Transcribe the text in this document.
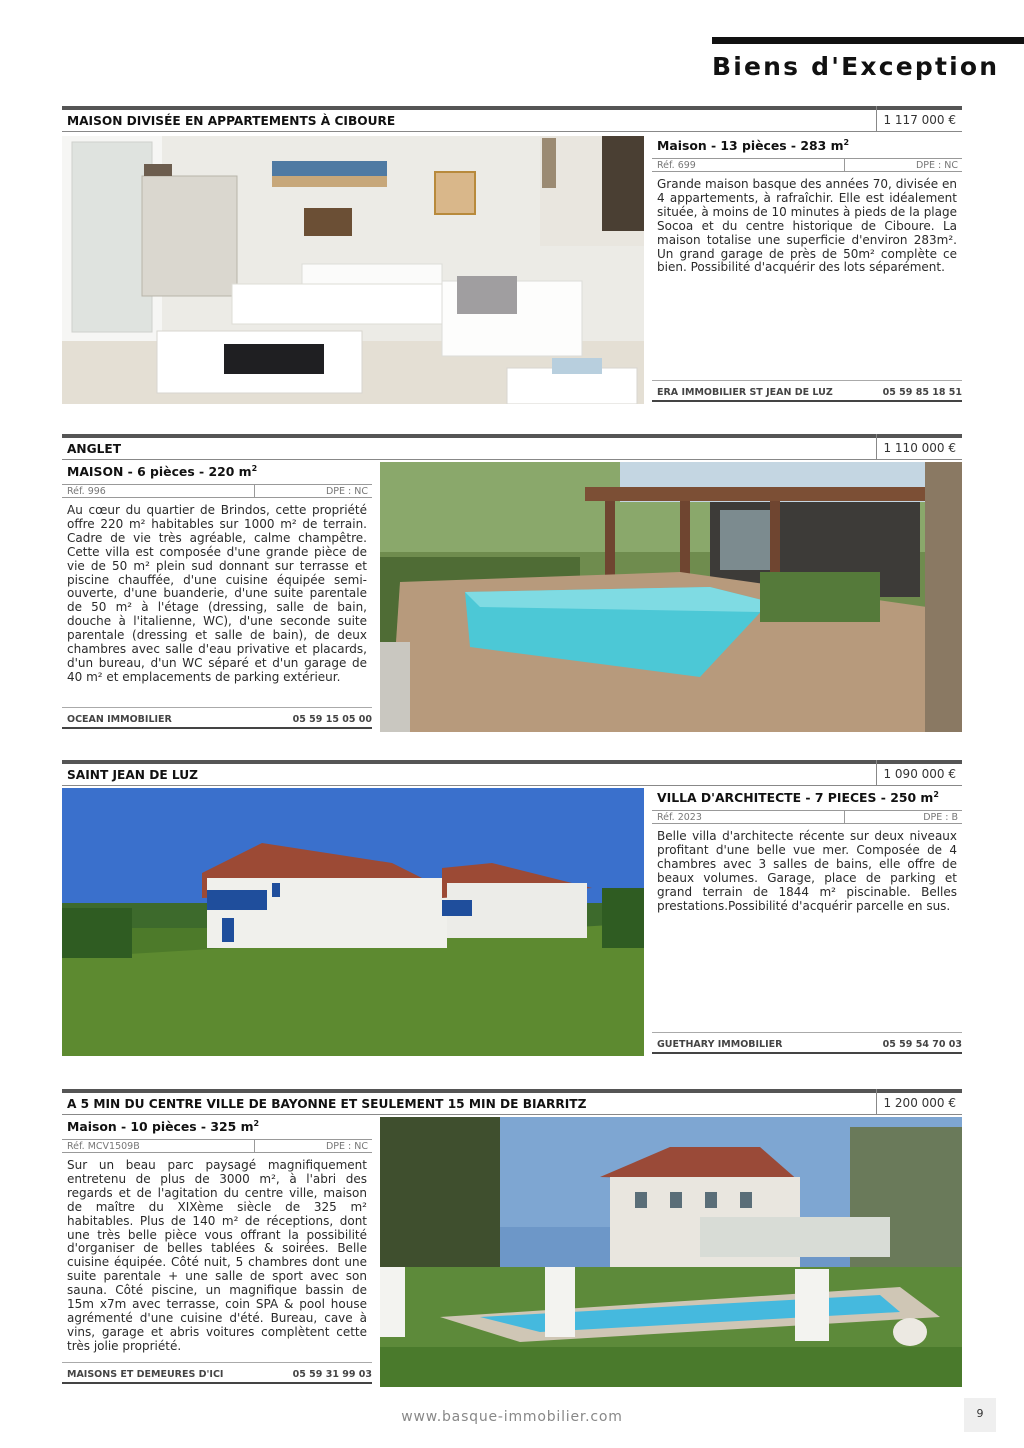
Biens d'Exception
MAISON DIVISÉE EN APPARTEMENTS À CIBOURE	1 117 000 €
Maison - 13 pièces - 283 $m^2$
Réf. 699	DPE : NC
Grande maison basque des années 70, divisée en 4 appartements, à rafraîchir. Elle est idéalement située, à moins de 10 minutes à pieds de la plage Socoa et du centre historique de Ciboure. La maison totalise une superficie d'environ 283m². Un grand garage de près de 50m² complète ce bien. Possibilité d'acquérir des lots séparément.
ERA IMMOBILIER ST JEAN DE LUZ	05 59 85 18 51
ANGLET	1 110 000 €
MAISON - 6 pièces - 220 $m^2$
Réf. 996	DPE : NC
Au cœur du quartier de Brindos, cette propriété offre 220 m² habitables sur 1000 m² de terrain. Cadre de vie très agréable, calme champêtre. Cette villa est composée d'une grande pièce de vie de 50 m² plein sud donnant sur terrasse et piscine chauffée, d'une cuisine équipée semi-ouverte, d'une buanderie, d'une suite parentale de 50 m² à l'étage (dressing, salle de bain, douche à l'italienne, WC), d'une seconde suite parentale (dressing et salle de bain), de deux chambres avec salle d'eau privative et placards, d'un bureau, d'un WC séparé et d'un garage de 40 m² et emplacements de parking extérieur.
OCEAN IMMOBILIER	05 59 15 05 00
SAINT JEAN DE LUZ	1 090 000 €
VILLA D'ARCHITECTE - 7 PIECES - 250 $m^2$
Réf. 2023	DPE : B
Belle villa d'architecte récente sur deux niveaux profitant d'une belle vue mer. Composée de 4 chambres avec 3 salles de bains, elle offre de beaux volumes. Garage, place de parking et grand terrain de 1844 m² piscinable. Belles prestations.Possibilité d'acquérir parcelle en sus.
GUETHARY IMMOBILIER	05 59 54 70 03
A 5 MIN DU CENTRE VILLE DE BAYONNE ET SEULEMENT 15 MIN DE BIARRITZ	1 200 000 €
Maison - 10 pièces - 325 $m^2$
Réf. MCV1509B	DPE : NC
Sur un beau parc paysagé magnifiquement entretenu de plus de 3000 m², à l'abri des regards et de l'agitation du centre ville, maison de maître du XIXème siècle de 325 m² habitables. Plus de 140 m² de réceptions, dont une très belle pièce vous offrant la possibilité d'organiser de belles tablées & soirées. Belle cuisine équipée. Côté nuit, 5 chambres dont une suite parentale + une salle de sport avec son sauna. Côté piscine, un magnifique bassin de 15m x7m avec terrasse, coin SPA & pool house agrémenté d'une cuisine d'été. Bureau, cave à vins, garage et abris voitures complètent cette très jolie propriété.
MAISONS ET DEMEURES D'ICI	05 59 31 99 03
www.basque-immobilier.com	9
